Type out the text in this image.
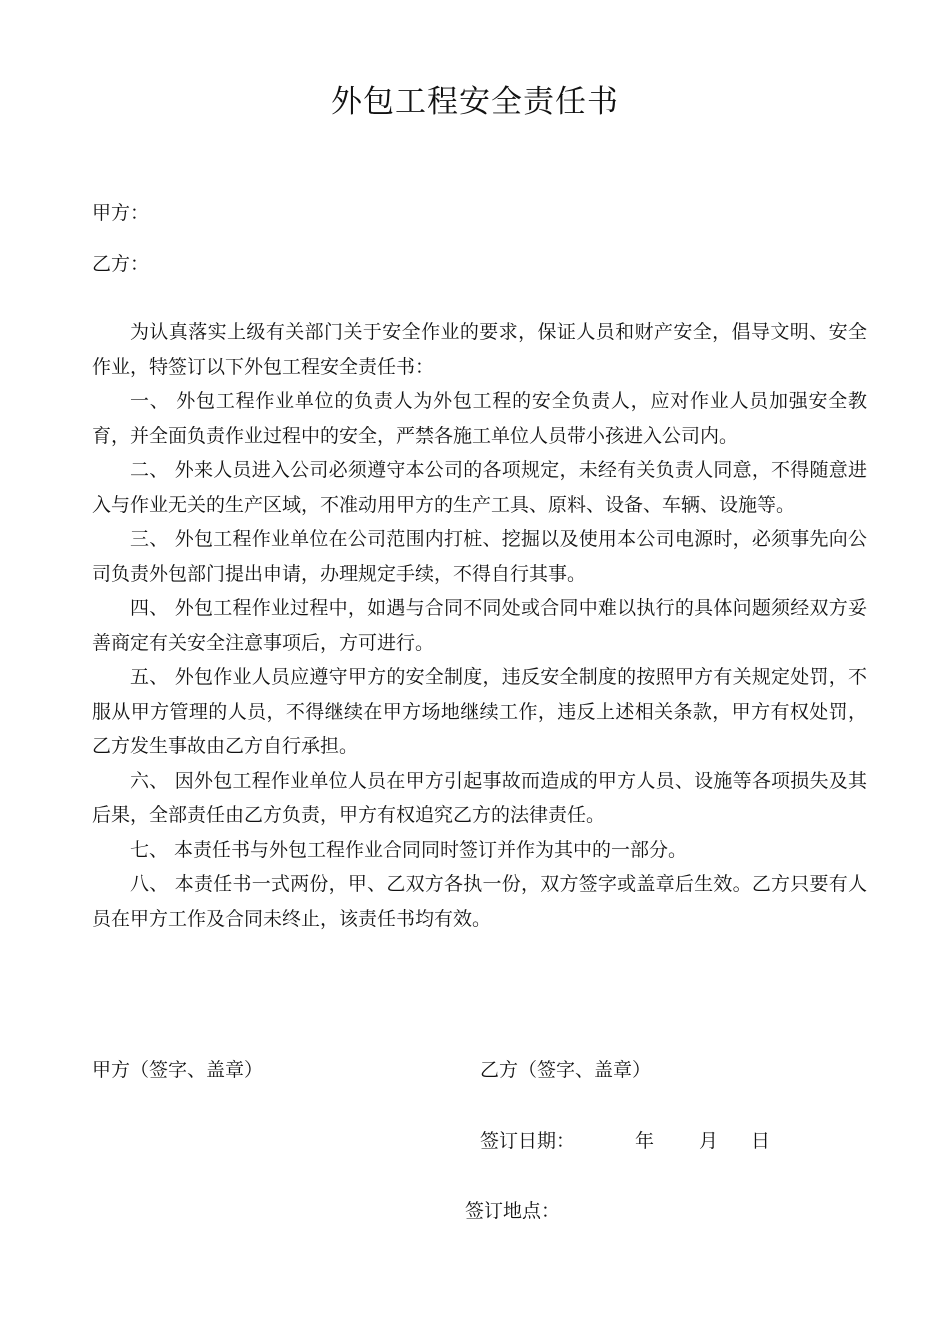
外包工程安全责任书
甲方：
乙方：

为认真落实上级有关部门关于安全作业的要求，保证人员和财产安全，倡导文明、安全作业，特签订以下外包工程安全责任书：

一、 外包工程作业单位的负责人为外包工程的安全负责人，应对作业人员加强安全教育，并全面负责作业过程中的安全，严禁各施工单位人员带小孩进入公司内。

二、 外来人员进入公司必须遵守本公司的各项规定，未经有关负责人同意，不得随意进入与作业无关的生产区域，不准动用甲方的生产工具、原料、设备、车辆、设施等。

三、 外包工程作业单位在公司范围内打桩、挖掘以及使用本公司电源时，必须事先向公司负责外包部门提出申请，办理规定手续，不得自行其事。

四、 外包工程作业过程中，如遇与合同不同处或合同中难以执行的具体问题须经双方妥善商定有关安全注意事项后，方可进行。

五、 外包作业人员应遵守甲方的安全制度，违反安全制度的按照甲方有关规定处罚，不服从甲方管理的人员，不得继续在甲方场地继续工作，违反上述相关条款，甲方有权处罚，乙方发生事故由乙方自行承担。

六、 因外包工程作业单位人员在甲方引起事故而造成的甲方人员、设施等各项损失及其后果，全部责任由乙方负责，甲方有权追究乙方的法律责任。

七、 本责任书与外包工程作业合同同时签订并作为其中的一部分。

八、 本责任书一式两份，甲、乙双方各执一份，双方签字或盖章后生效。乙方只要有人员在甲方工作及合同未终止，该责任书均有效。

甲方（签字、盖章）	乙方（签字、盖章）
签订日期：	年 月 日
签订地点：
